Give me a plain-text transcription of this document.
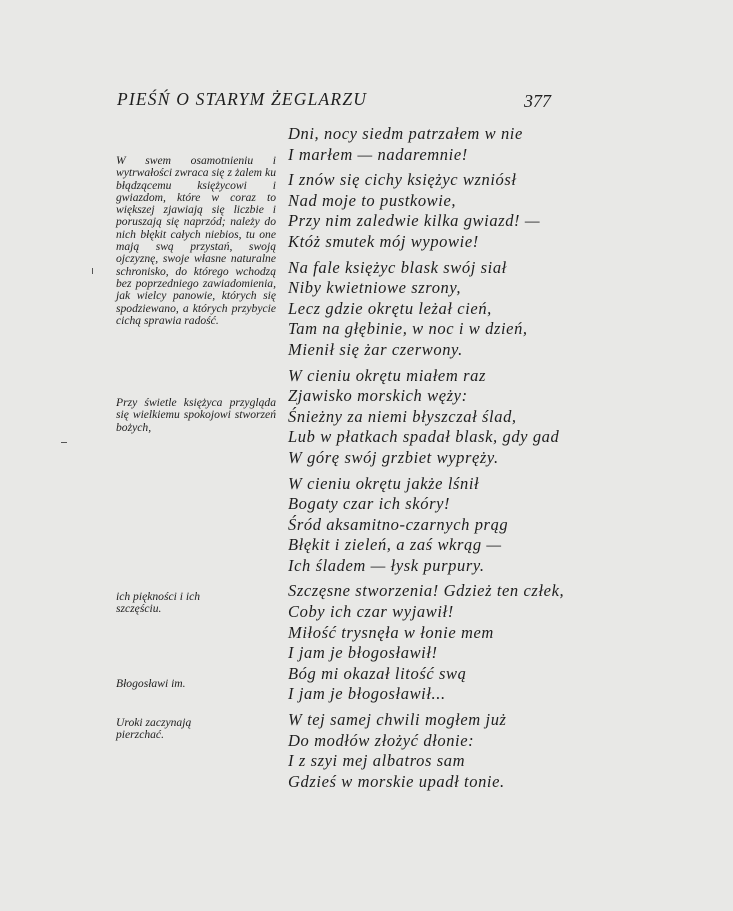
PIEŚŃ O STARYM ŻEGLARZU	377
W swem osamotnieniu i wytrwałości zwraca się z żalem ku błądzącemu księżycowi i gwiazdom, które w coraz to większej zjawiają się liczbie i poruszają się naprzód; należy do nich błękit całych niebios, tu one mają swą przystań, swoją ojczyznę, swoje własne naturalne schronisko, do którego wchodzą bez poprzedniego zawiadomienia, jak wielcy panowie, których się spodziewano, a których przybycie cichą sprawia radość.
Przy świetle księżyca przygląda się wielkiemu spokojowi stworzeń bożych,
ich piękności i ich szczęściu.
Błogosławi im.
Uroki zaczynają pierzchać.
Dni, nocy siedm patrzałem w nie
I marłem — nadaremnie!
I znów się cichy księżyc wzniósł
Nad moje to pustkowie,
Przy nim zaledwie kilka gwiazd! —
Któż smutek mój wypowie!
Na fale księżyc blask swój siał
Niby kwietniowe szrony,
Lecz gdzie okrętu leżał cień,
Tam na głębinie, w noc i w dzień,
Mienił się żar czerwony.
W cieniu okrętu miałem raz
Zjawisko morskich węży:
Śnieżny za niemi błyszczał ślad,
Lub w płatkach spadał blask, gdy gad
W górę swój grzbiet wypręży.
W cieniu okrętu jakże lśnił
Bogaty czar ich skóry!
Śród aksamitno-czarnych prąg
Błękit i zieleń, a zaś wkrąg —
Ich śladem — łysk purpury.
Szczęsne stworzenia! Gdzież ten człek,
Coby ich czar wyjawił!
Miłość trysnęła w łonie mem
I jam je błogosławił!
Bóg mi okazał litość swą
I jam je błogosławił...
W tej samej chwili mogłem już
Do modłów złożyć dłonie:
I z szyi mej albatros sam
Gdzieś w morskie upadł tonie.
